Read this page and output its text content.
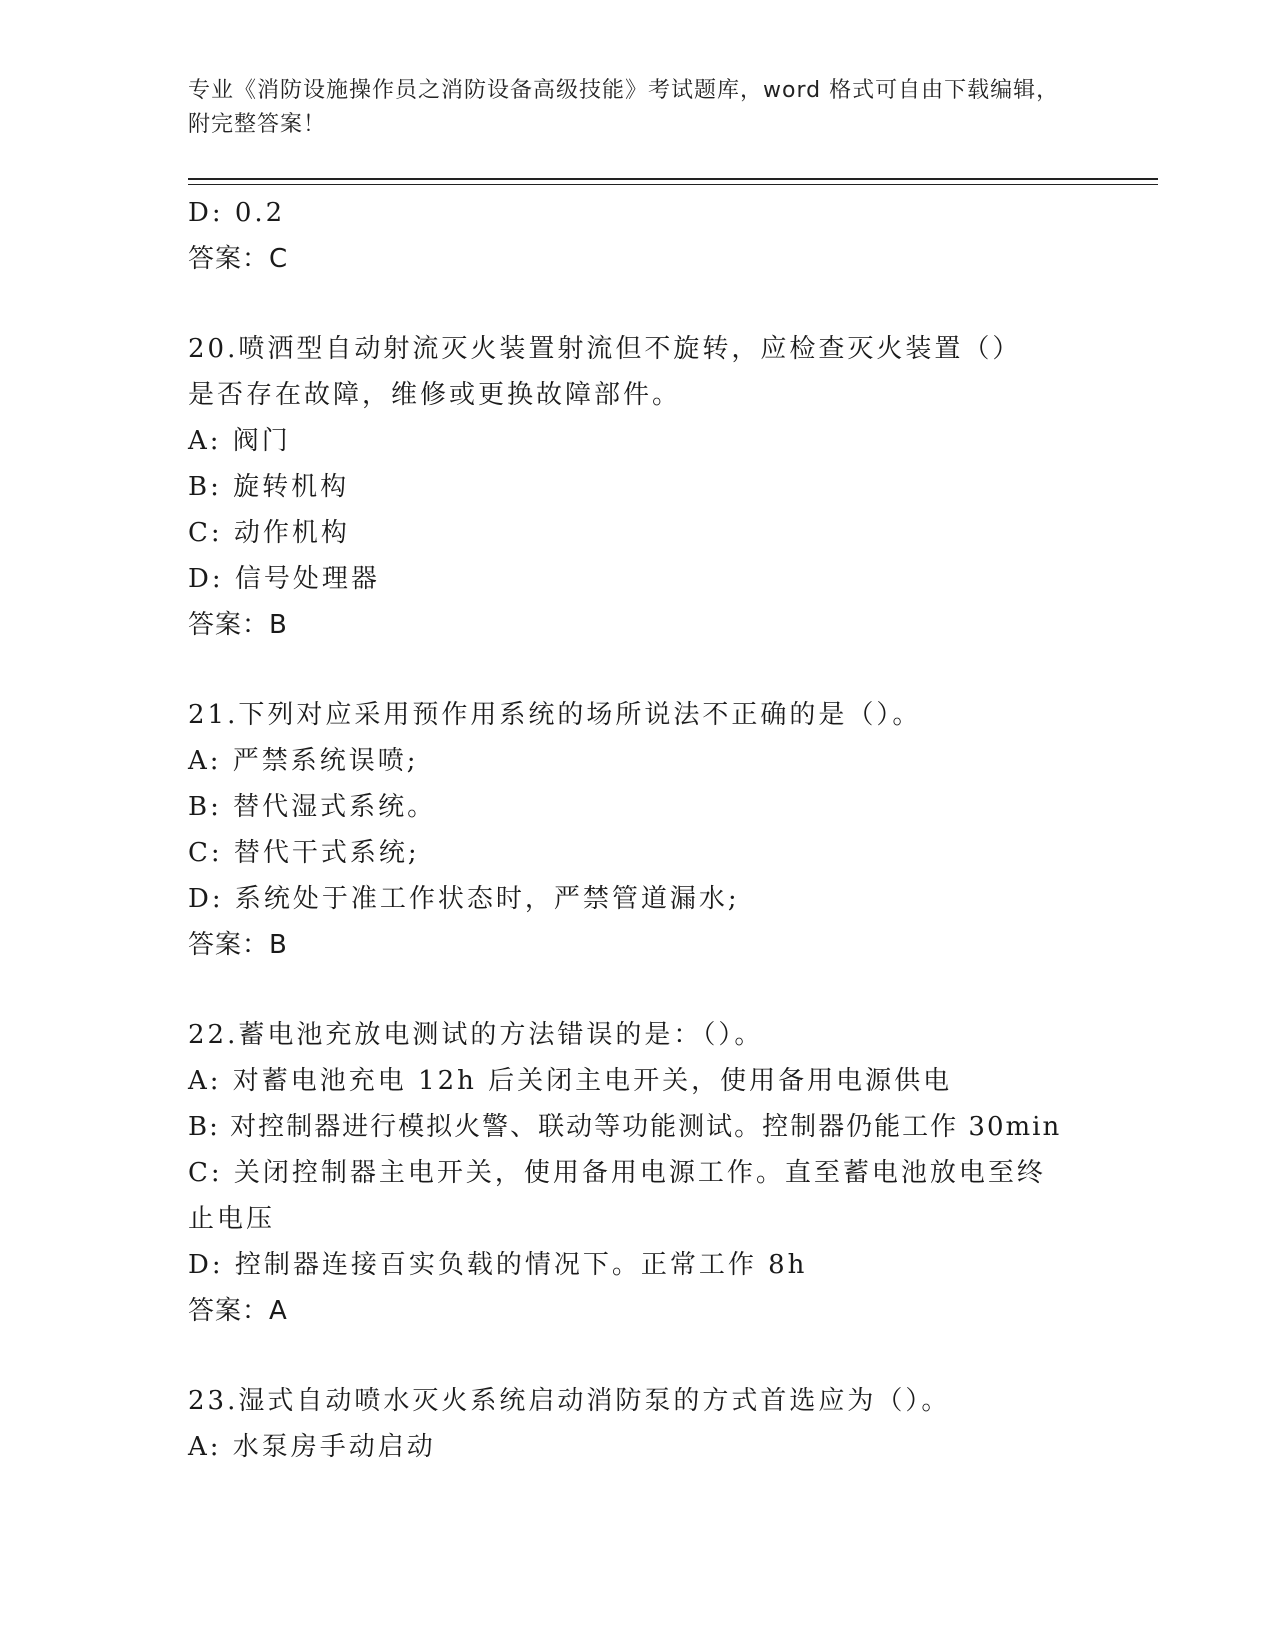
专业《消防设施操作员之消防设备高级技能》考试题库，word 格式可自由下载编辑，附完整答案！
D: 0.2
答案：C
20.喷洒型自动射流灭火装置射流但不旋转，应检查灭火装置（）是否存在故障，维修或更换故障部件。
A: 阀门
B: 旋转机构
C: 动作机构
D: 信号处理器
答案：B
21.下列对应采用预作用系统的场所说法不正确的是（）。
A: 严禁系统误喷;
B: 替代湿式系统。
C: 替代干式系统;
D: 系统处于准工作状态时，严禁管道漏水;
答案：B
22.蓄电池充放电测试的方法错误的是：（）。
A: 对蓄电池充电 12h 后关闭主电开关，使用备用电源供电
B: 对控制器进行模拟火警、联动等功能测试。控制器仍能工作 30min
C: 关闭控制器主电开关，使用备用电源工作。直至蓄电池放电至终止电压
D: 控制器连接百实负载的情况下。正常工作 8h
答案：A
23.湿式自动喷水灭火系统启动消防泵的方式首选应为（）。
A: 水泵房手动启动
